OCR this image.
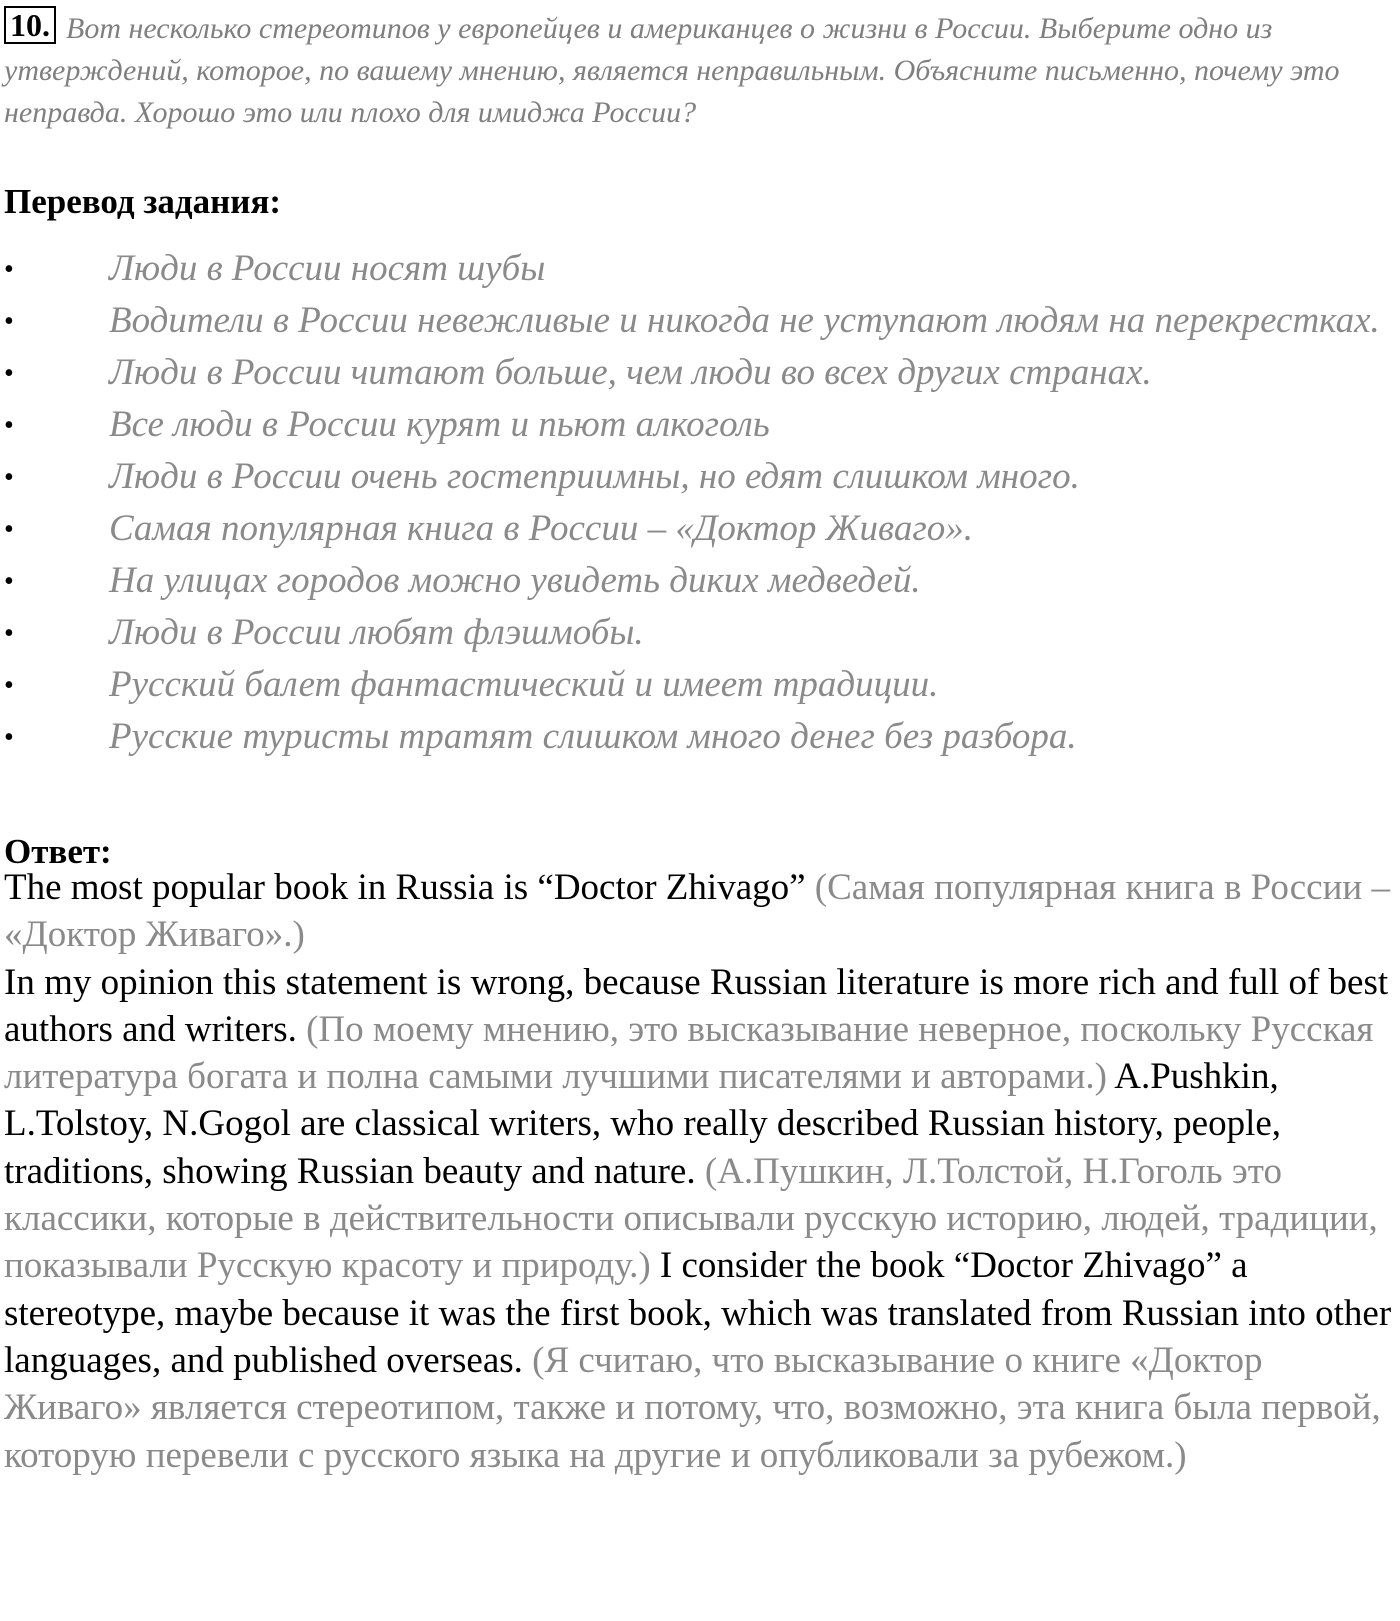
10. Вот несколько стереотипов у европейцев и американцев о жизни в России. Выберите одно из утверждений, которое, по вашему мнению, является неправильным. Объясните письменно, почему это неправда. Хорошо это или плохо для имиджа России?

Перевод задания:
•	Люди в России носят шубы
•	Водители в России невежливые и никогда не уступают людям на перекрестках.
•	Люди в России читают больше, чем люди во всех других странах.
•	Все люди в России курят и пьют алкоголь
•	Люди в России очень гостеприимны, но едят слишком много.
•	Самая популярная книга в России – «Доктор Живаго».
•	На улицах городов можно увидеть диких медведей.
•	Люди в России любят флэшмобы.
•	Русский балет фантастический и имеет традиции.
•	Русские туристы тратят слишком много денег без разбора.
Ответ:

The most popular book in Russia is “Doctor Zhivago” (Самая популярная книга в России – «Доктор Живаго».)
In my opinion this statement is wrong, because Russian literature is more rich and full of best authors and writers. (По моему мнению, это высказывание неверное, поскольку Русская литература богата и полна самыми лучшими писателями и авторами.) A.Pushkin, L.Tolstoy, N.Gogol are classical writers, who really described Russian history, people, traditions, showing Russian beauty and nature. (А.Пушкин, Л.Толстой, Н.Гоголь это классики, которые в действительности описывали русскую историю, людей, традиции, показывали Русскую красоту и природу.) I consider the book “Doctor Zhivago” a stereotype, maybe because it was the first book, which was translated from Russian into other languages, and published overseas. (Я считаю, что высказывание о книге «Доктор Живаго» является стереотипом, также и потому, что, возможно, эта книга была первой, которую перевели с русского языка на другие и опубликовали за рубежом.)
